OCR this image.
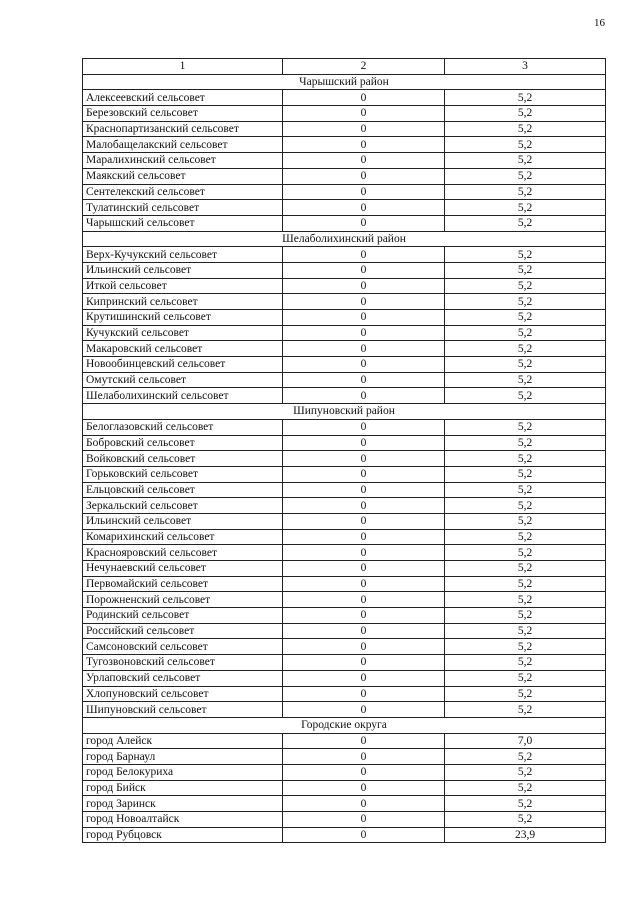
16
1	2	3
Чарышский район		
Алексеевский сельсовет	0	5,2
Березовский сельсовет	0	5,2
Краснопартизанский сельсовет	0	5,2
Малобащелакский сельсовет	0	5,2
Маралихинский сельсовет	0	5,2
Маякский сельсовет	0	5,2
Сентелекский сельсовет	0	5,2
Тулатинский сельсовет	0	5,2
Чарышский сельсовет	0	5,2
Шелаболихинский район		
Верх-Кучукский сельсовет	0	5,2
Ильинский сельсовет	0	5,2
Иткой сельсовет	0	5,2
Кипринский сельсовет	0	5,2
Крутишинский сельсовет	0	5,2
Кучукский сельсовет	0	5,2
Макаровский сельсовет	0	5,2
Новообинцевский сельсовет	0	5,2
Омутский сельсовет	0	5,2
Шелаболихинский сельсовет	0	5,2
Шипуновский район		
Белоглазовский сельсовет	0	5,2
Бобровский сельсовет	0	5,2
Войковский сельсовет	0	5,2
Горьковский сельсовет	0	5,2
Ельцовский сельсовет	0	5,2
Зеркальский сельсовет	0	5,2
Ильинский сельсовет	0	5,2
Комарихинский сельсовет	0	5,2
Краснояровский сельсовет	0	5,2
Нечунаевский сельсовет	0	5,2
Первомайский сельсовет	0	5,2
Порожненский сельсовет	0	5,2
Родинский сельсовет	0	5,2
Российский сельсовет	0	5,2
Самсоновский сельсовет	0	5,2
Тугозвоновский сельсовет	0	5,2
Урлаповский сельсовет	0	5,2
Хлопуновский сельсовет	0	5,2
Шипуновский сельсовет	0	5,2
Городские округа		
город Алейск	0	7,0
город Барнаул	0	5,2
город Белокуриха	0	5,2
город Бийск	0	5,2
город Заринск	0	5,2
город Новоалтайск	0	5,2
город Рубцовск	0	23,9
